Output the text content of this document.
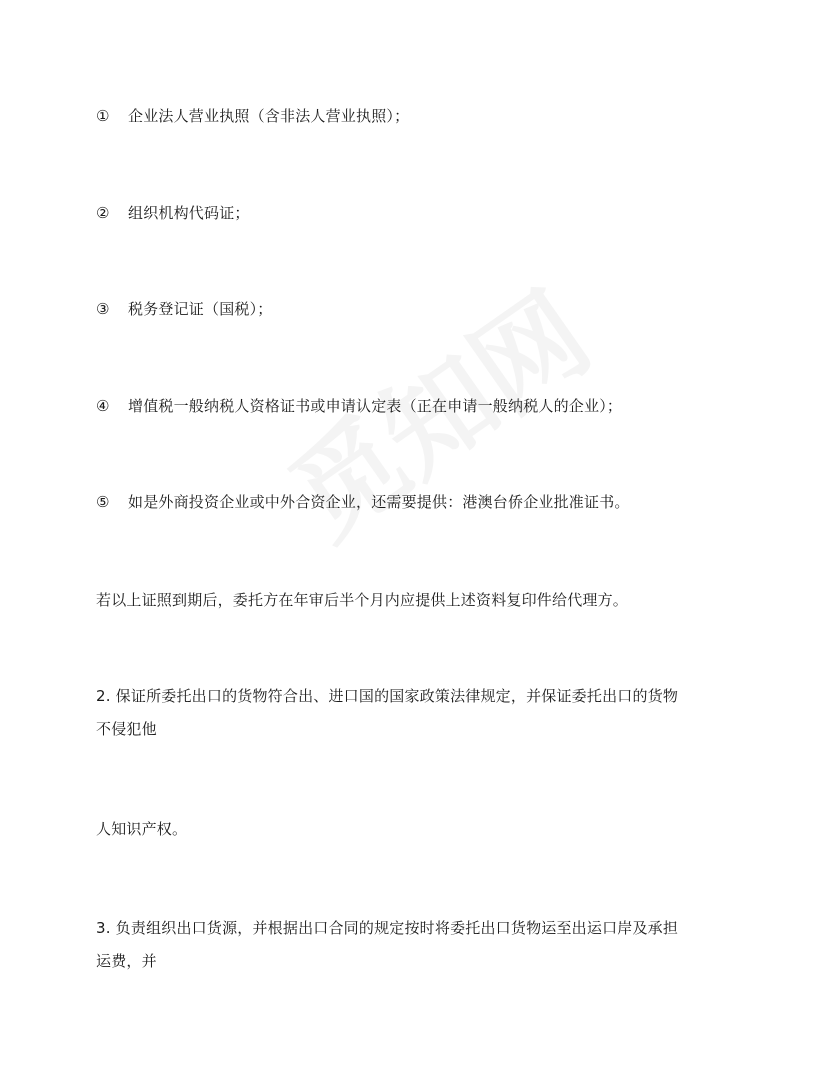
① 企业法人营业执照（含非法人营业执照）；
② 组织机构代码证；
③ 税务登记证（国税）；
④ 增值税一般纳税人资格证书或申请认定表（正在申请一般纳税人的企业）；
⑤ 如是外商投资企业或中外合资企业，还需要提供：港澳台侨企业批准证书。
若以上证照到期后，委托方在年审后半个月内应提供上述资料复印件给代理方。
2. 保证所委托出口的货物符合出、进口国的国家政策法律规定，并保证委托出口的货物
不侵犯他
人知识产权。
3. 负责组织出口货源，并根据出口合同的规定按时将委托出口货物运至出运口岸及承担
运费，并
